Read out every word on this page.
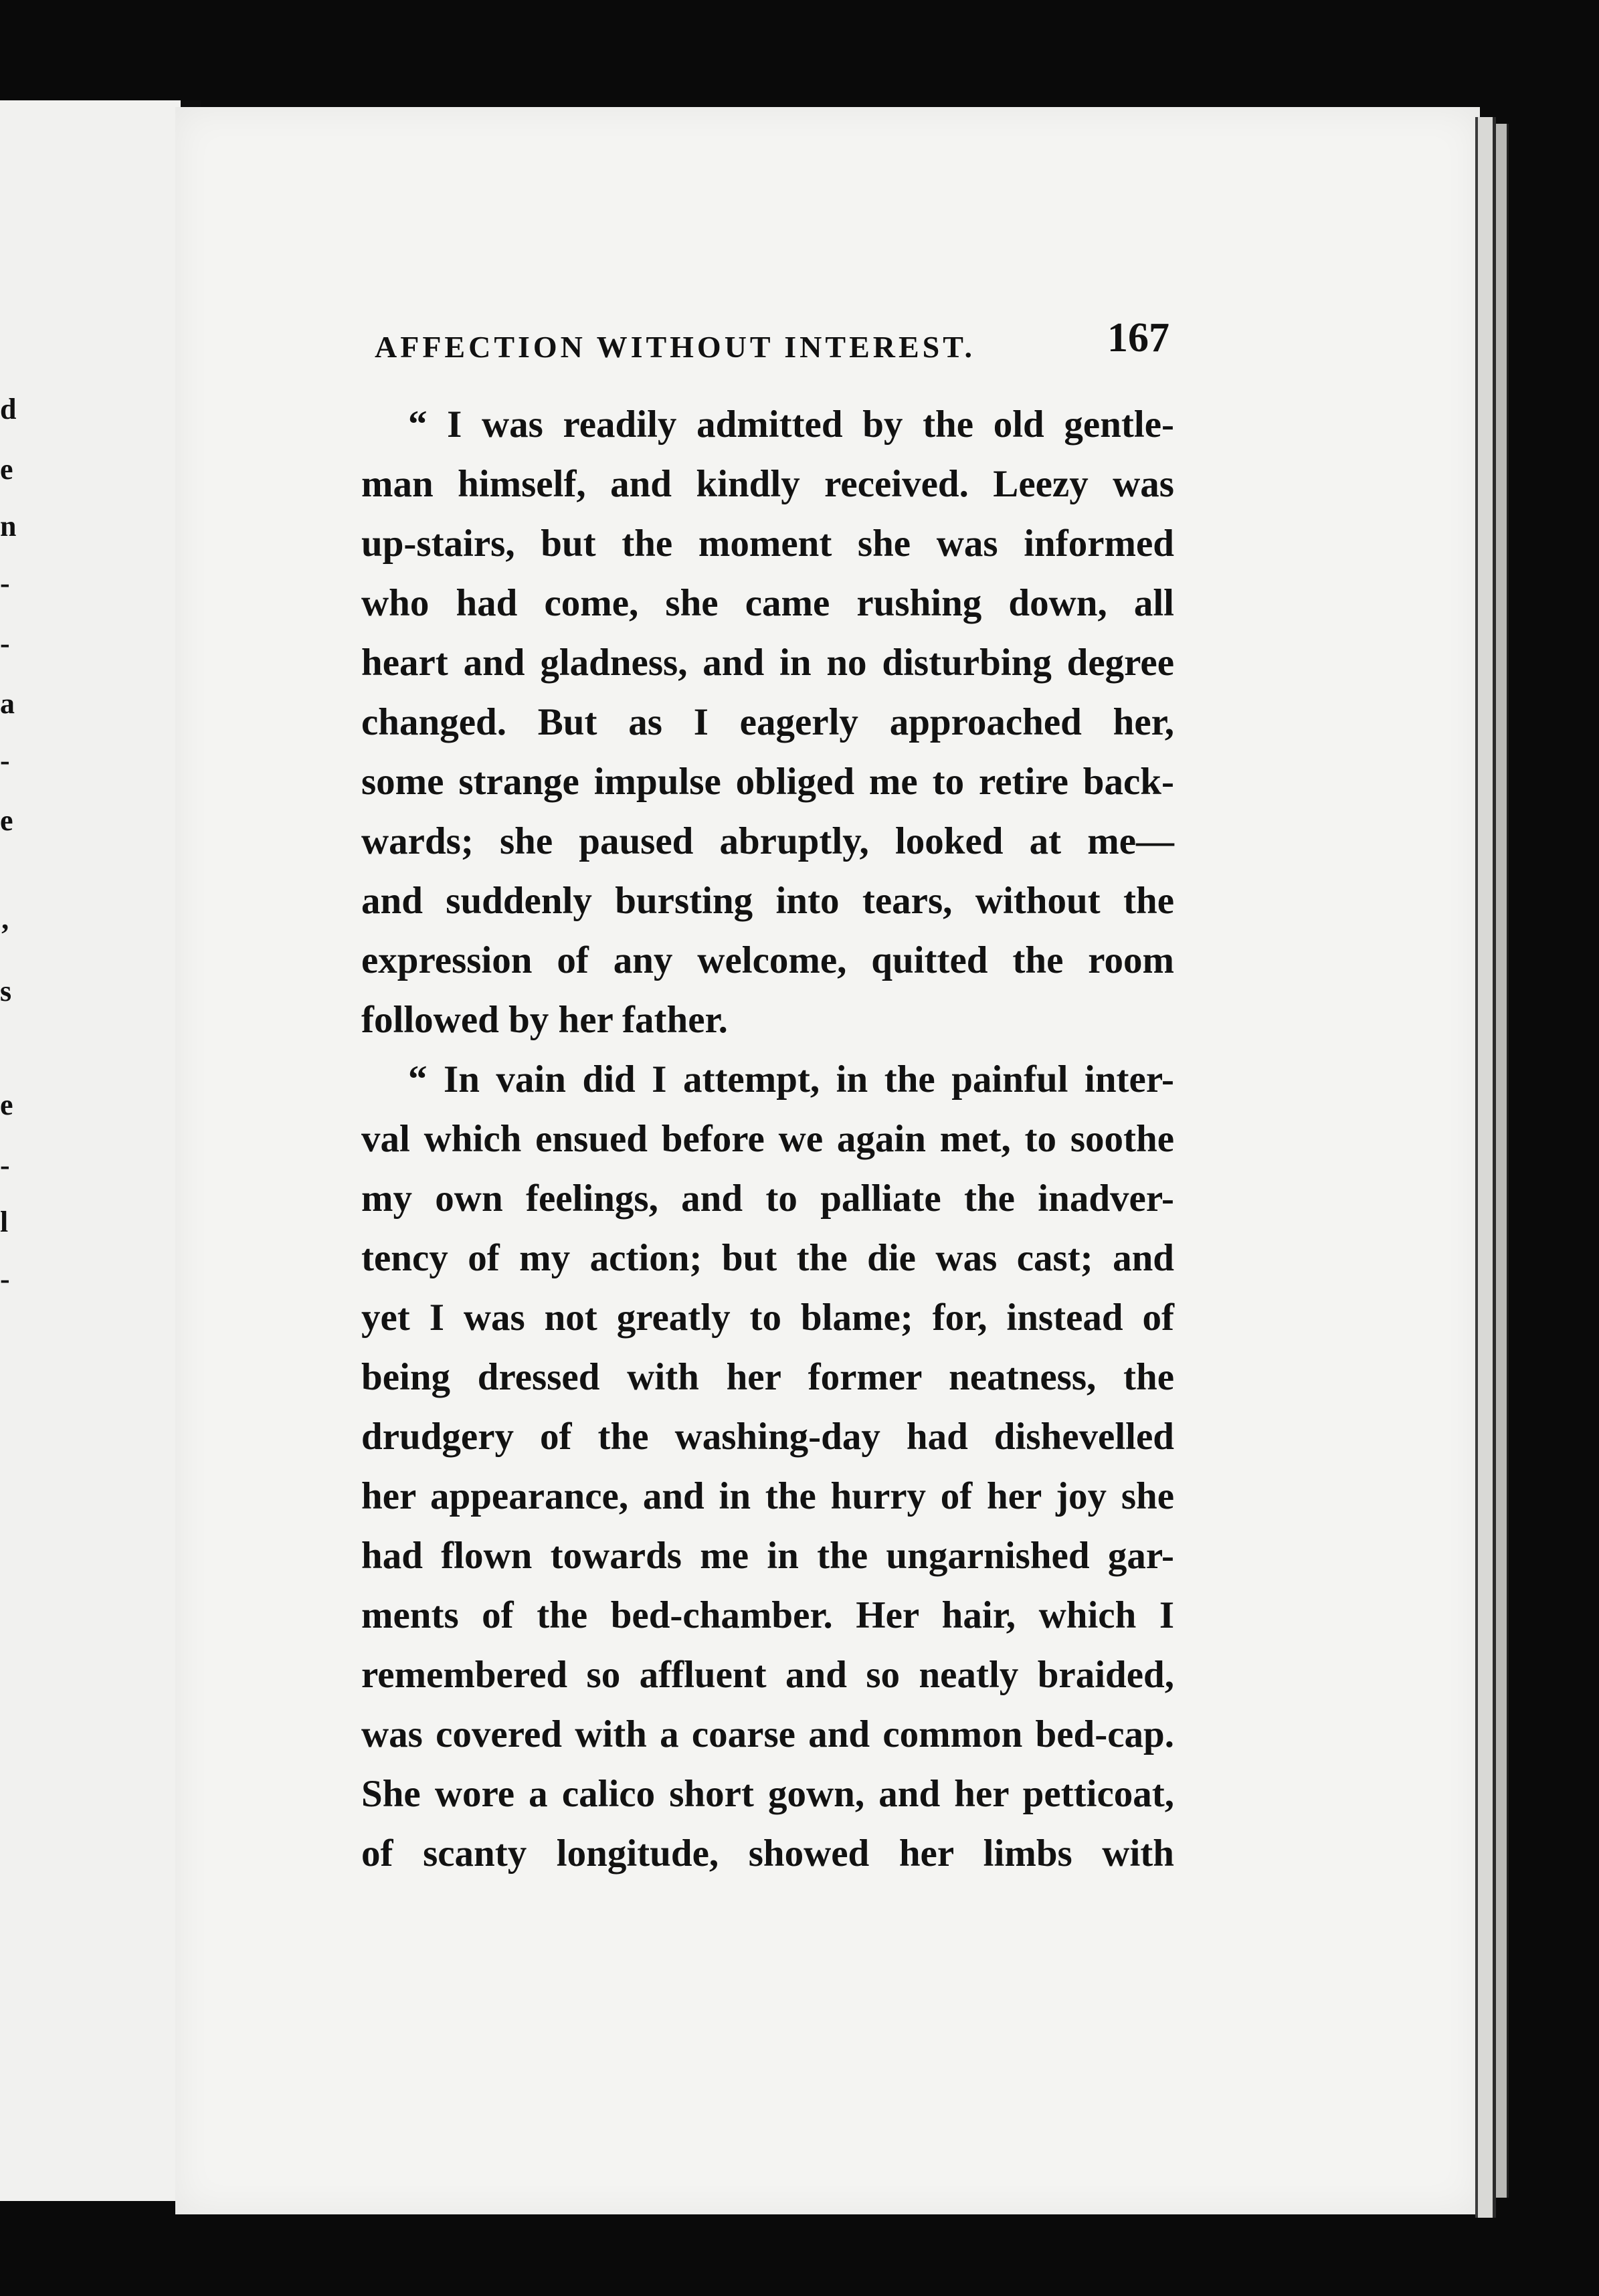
d
e
n
-
-
a
-
e
’
s
e
-
l
-
AFFECTION WITHOUT INTEREST.	167
“ I was readily admitted by the old gentle-
man himself, and kindly received. Leezy was
up-stairs, but the moment she was informed
who had come, she came rushing down, all
heart and gladness, and in no disturbing degree
changed. But as I eagerly approached her,
some strange impulse obliged me to retire back-
wards; she paused abruptly, looked at me—
and suddenly bursting into tears, without the
expression of any welcome, quitted the room
followed by her father.
“ In vain did I attempt, in the painful inter-
val which ensued before we again met, to soothe
my own feelings, and to palliate the inadver-
tency of my action; but the die was cast; and
yet I was not greatly to blame; for, instead of
being dressed with her former neatness, the
drudgery of the washing-day had dishevelled
her appearance, and in the hurry of her joy she
had flown towards me in the ungarnished gar-
ments of the bed-chamber. Her hair, which I
remembered so affluent and so neatly braided,
was covered with a coarse and common bed-cap.
She wore a calico short gown, and her petticoat,
of scanty longitude, showed her limbs with
